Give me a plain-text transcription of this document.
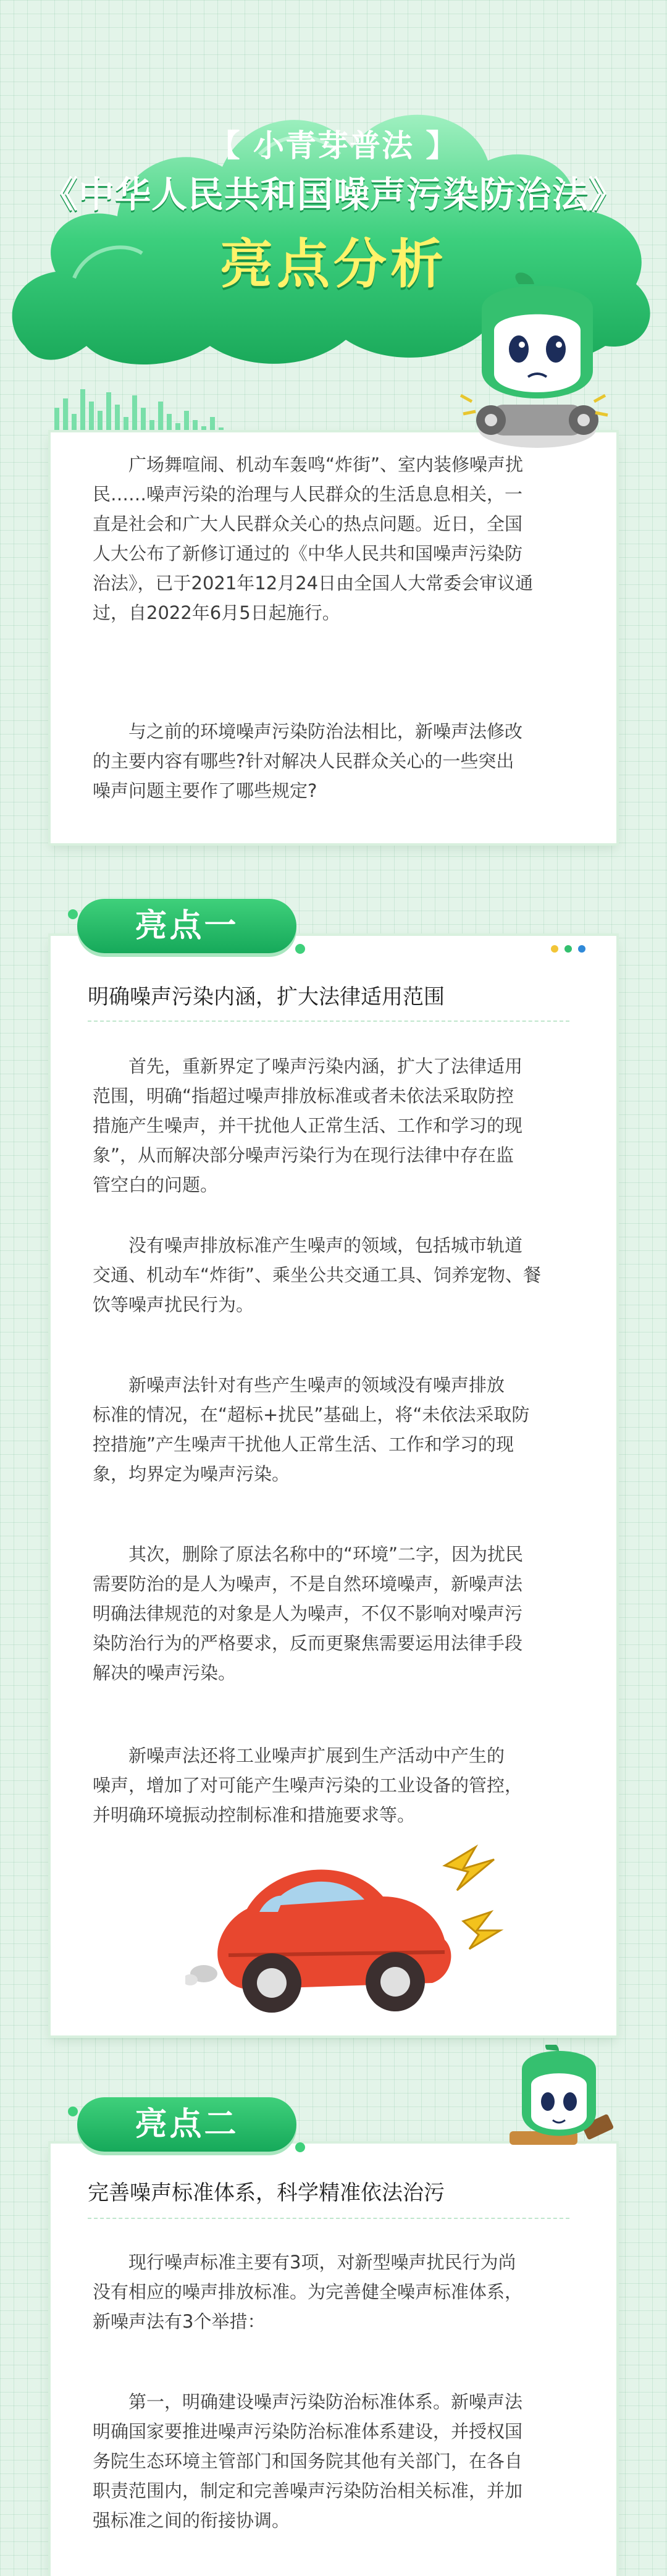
【 小青芽普法 】
《中华人民共和国噪声污染防治法》
亮点分析
广场舞喧闹、机动车轰鸣“炸街”、室内装修噪声扰
民……噪声污染的治理与人民群众的生活息息相关，一
直是社会和广大人民群众关心的热点问题。近日，全国
人大公布了新修订通过的《中华人民共和国噪声污染防
治法》，已于2021年12月24日由全国人大常委会审议通
过，自2022年6月5日起施行。
与之前的环境噪声污染防治法相比，新噪声法修改
的主要内容有哪些?针对解决人民群众关心的一些突出
噪声问题主要作了哪些规定?
亮点一
明确噪声污染内涵，扩大法律适用范围
首先，重新界定了噪声污染内涵，扩大了法律适用
范围，明确“指超过噪声排放标准或者未依法采取防控
措施产生噪声，并干扰他人正常生活、工作和学习的现
象”，从而解决部分噪声污染行为在现行法律中存在监
管空白的问题。
没有噪声排放标准产生噪声的领域，包括城市轨道
交通、机动车“炸街”、乘坐公共交通工具、饲养宠物、餐
饮等噪声扰民行为。
新噪声法针对有些产生噪声的领域没有噪声排放
标准的情况，在“超标+扰民”基础上，将“未依法采取防
控措施”产生噪声干扰他人正常生活、工作和学习的现
象，均界定为噪声污染。
其次，删除了原法名称中的“环境”二字，因为扰民
需要防治的是人为噪声，不是自然环境噪声，新噪声法
明确法律规范的对象是人为噪声，不仅不影响对噪声污
染防治行为的严格要求，反而更聚焦需要运用法律手段
解决的噪声污染。
新噪声法还将工业噪声扩展到生产活动中产生的
噪声，增加了对可能产生噪声污染的工业设备的管控，
并明确环境振动控制标准和措施要求等。
亮点二
完善噪声标准体系，科学精准依法治污
现行噪声标准主要有3项，对新型噪声扰民行为尚
没有相应的噪声排放标准。为完善健全噪声标准体系，
新噪声法有3个举措：
第一，明确建设噪声污染防治标准体系。新噪声法
明确国家要推进噪声污染防治标准体系建设，并授权国
务院生态环境主管部门和国务院其他有关部门，在各自
职责范围内，制定和完善噪声污染防治相关标准，并加
强标准之间的衔接协调。
